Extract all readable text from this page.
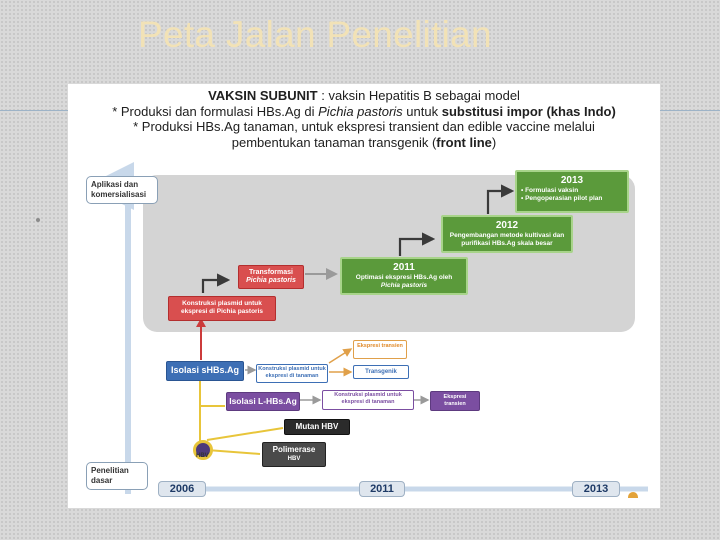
Peta Jalan Penelitian
VAKSIN SUBUNIT : vaksin Hepatitis B sebagai model
* Produksi dan formulasi HBs.Ag di Pichia pastoris untuk substitusi impor (khas Indo)
* Produksi HBs.Ag tanaman, untuk ekspresi transient dan edible vaccine melalui
pembentukan tanaman transgenik (front line)
Aplikasi dan komersialisasi
Penelitian dasar
2006	2011	2013
2013
• Formulasi vaksin
• Pengoperasian pilot plan
2012
Pengembangan metode kultivasi dan purifikasi HBs.Ag skala besar
2011
Optimasi ekspresi HBs.Ag oleh
Pichia pastoris
Transformasi
Pichia pastoris
Konstruksi plasmid untuk
ekspresi di Pichia pastoris
Isolasi sHBs.Ag	Konstruksi plasmid untuk ekspresi di tanaman
Ekspresi transien
Transgenik
Isolasi L-HBs.Ag
Konstruksi plasmid untuk ekspresi di tanaman
Ekspresi transien
Mutan HBV
Polimerase
HBV
HBV
